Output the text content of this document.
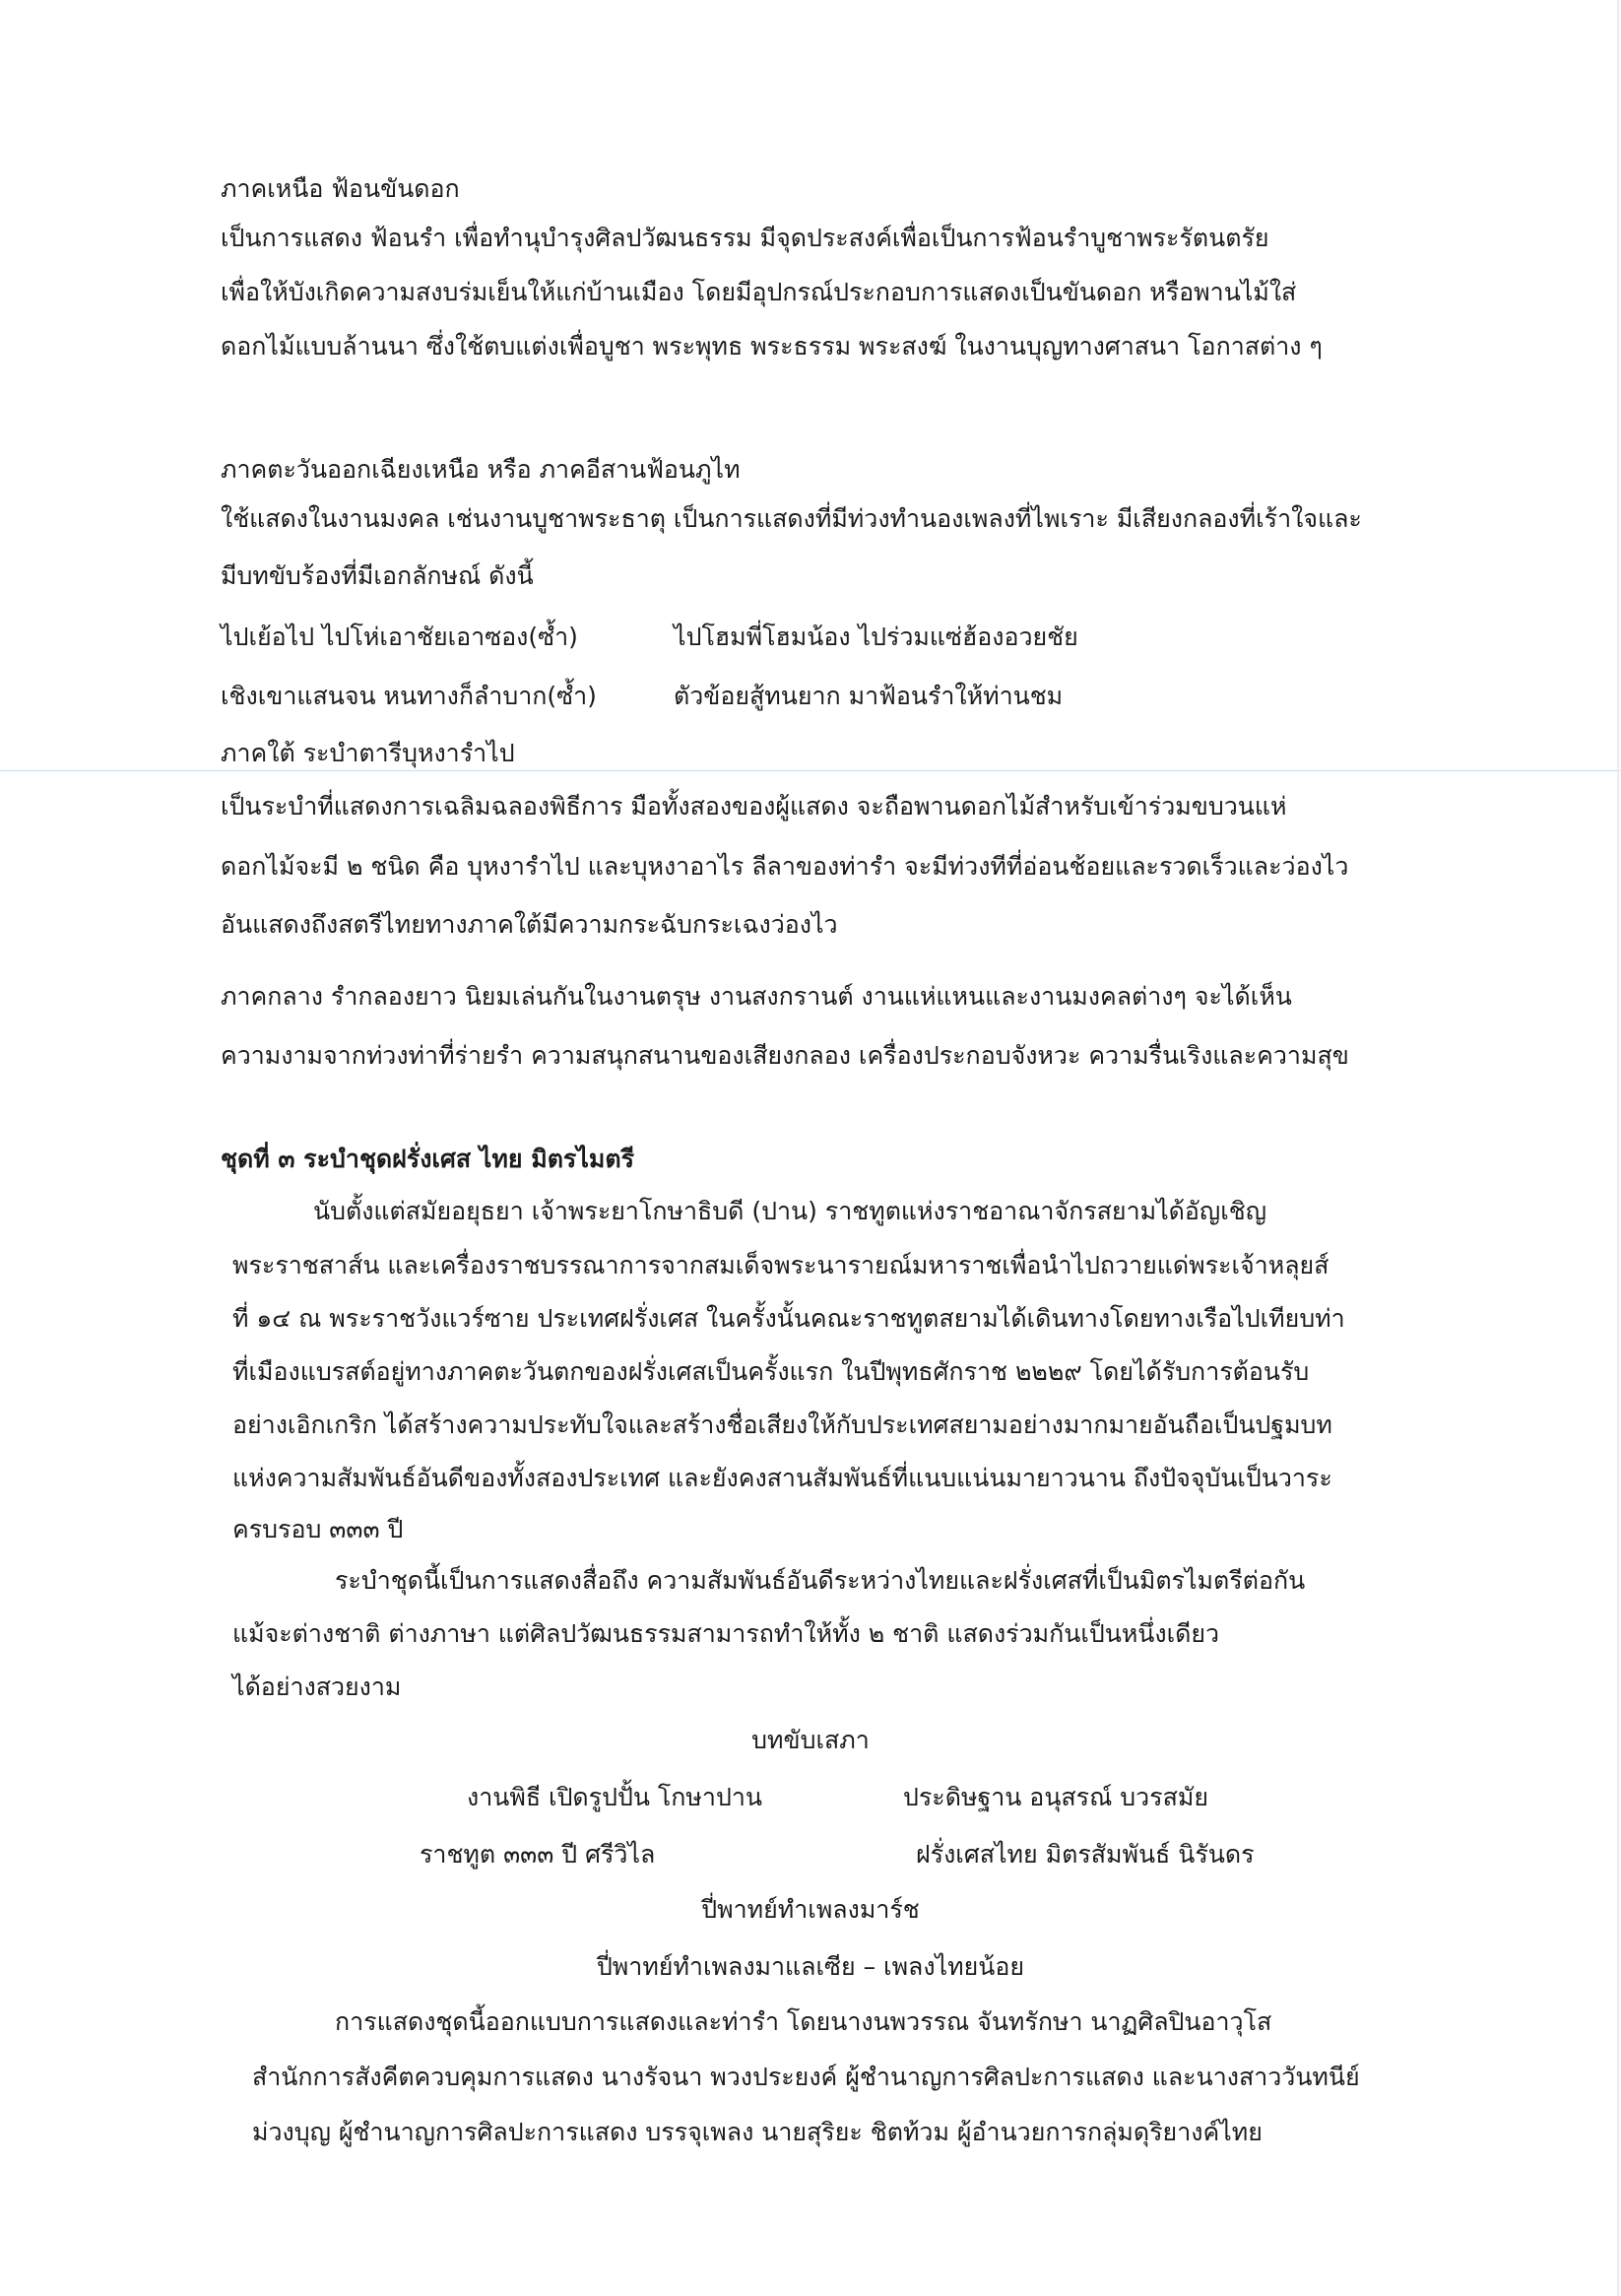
ภาคเหนือ ฟ้อนขันดอก
เป็นการแสดง ฟ้อนรำ เพื่อทำนุบำรุงศิลปวัฒนธรรม มีจุดประสงค์เพื่อเป็นการฟ้อนรำบูชาพระรัตนตรัย
เพื่อให้บังเกิดความสงบร่มเย็นให้แก่บ้านเมือง โดยมีอุปกรณ์ประกอบการแสดงเป็นขันดอก หรือพานไม้ใส่
ดอกไม้แบบล้านนา ซึ่งใช้ตบแต่งเพื่อบูชา พระพุทธ พระธรรม พระสงฆ์ ในงานบุญทางศาสนา โอกาสต่าง ๆ
ภาคตะวันออกเฉียงเหนือ หรือ ภาคอีสานฟ้อนภูไท
ใช้แสดงในงานมงคล เช่นงานบูชาพระธาตุ เป็นการแสดงที่มีท่วงทำนองเพลงที่ไพเราะ มีเสียงกลองที่เร้าใจและ
มีบทขับร้องที่มีเอกลักษณ์ ดังนี้
ไปเย้อไป ไปโห่เอาชัยเอาซอง(ซ้ำ)	ไปโฮมพี่โฮมน้อง ไปร่วมแซ่ฮ้องอวยชัย
เชิงเขาแสนจน หนทางก็ลำบาก(ซ้ำ)	ตัวข้อยสู้ทนยาก มาฟ้อนรำให้ท่านชม
ภาคใต้ ระบำตารีบุหงารำไป
เป็นระบำที่แสดงการเฉลิมฉลองพิธีการ มือทั้งสองของผู้แสดง จะถือพานดอกไม้สำหรับเข้าร่วมขบวนแห่
ดอกไม้จะมี ๒ ชนิด คือ บุหงารำไป และบุหงาอาไร ลีลาของท่ารำ จะมีท่วงทีที่อ่อนช้อยและรวดเร็วและว่องไว
อันแสดงถึงสตรีไทยทางภาคใต้มีความกระฉับกระเฉงว่องไว
ภาคกลาง รำกลองยาว นิยมเล่นกันในงานตรุษ งานสงกรานต์ งานแห่แหนและงานมงคลต่างๆ จะได้เห็น
ความงามจากท่วงท่าที่ร่ายรำ ความสนุกสนานของเสียงกลอง เครื่องประกอบจังหวะ ความรื่นเริงและความสุข
ชุดที่ ๓ ระบำชุดฝรั่งเศส ไทย มิตรไมตรี
นับตั้งแต่สมัยอยุธยา เจ้าพระยาโกษาธิบดี (ปาน) ราชทูตแห่งราชอาณาจักรสยามได้อัญเชิญ
พระราชสาส์น และเครื่องราชบรรณาการจากสมเด็จพระนารายณ์มหาราชเพื่อนำไปถวายแด่พระเจ้าหลุยส์
ที่ ๑๔ ณ พระราชวังแวร์ซาย ประเทศฝรั่งเศส ในครั้งนั้นคณะราชทูตสยามได้เดินทางโดยทางเรือไปเทียบท่า
ที่เมืองแบรสต์อยู่ทางภาคตะวันตกของฝรั่งเศสเป็นครั้งแรก ในปีพุทธศักราช ๒๒๒๙ โดยได้รับการต้อนรับ
อย่างเอิกเกริก ได้สร้างความประทับใจและสร้างชื่อเสียงให้กับประเทศสยามอย่างมากมายอันถือเป็นปฐมบท
แห่งความสัมพันธ์อันดีของทั้งสองประเทศ และยังคงสานสัมพันธ์ที่แนบแน่นมายาวนาน ถึงปัจจุบันเป็นวาระ
ครบรอบ ๓๓๓ ปี
ระบำชุดนี้เป็นการแสดงสื่อถึง ความสัมพันธ์อันดีระหว่างไทยและฝรั่งเศสที่เป็นมิตรไมตรีต่อกัน
แม้จะต่างชาติ ต่างภาษา แต่ศิลปวัฒนธรรมสามารถทำให้ทั้ง ๒ ชาติ แสดงร่วมกันเป็นหนึ่งเดียว
ได้อย่างสวยงาม
บทขับเสภา
งานพิธี เปิดรูปปั้น โกษาปาน	ประดิษฐาน อนุสรณ์ บวรสมัย
ราชทูต ๓๓๓ ปี ศรีวิไล	ฝรั่งเศสไทย มิตรสัมพันธ์ นิรันดร
ปี่พาทย์ทำเพลงมาร์ช
ปี่พาทย์ทำเพลงมาแลเซีย – เพลงไทยน้อย
การแสดงชุดนี้ออกแบบการแสดงและท่ารำ โดยนางนพวรรณ จันทรักษา นาฏศิลปินอาวุโส
สำนักการสังคีตควบคุมการแสดง นางรัจนา พวงประยงค์ ผู้ชำนาญการศิลปะการแสดง และนางสาววันทนีย์
ม่วงบุญ ผู้ชำนาญการศิลปะการแสดง บรรจุเพลง นายสุริยะ ชิตท้วม ผู้อำนวยการกลุ่มดุริยางค์ไทย
